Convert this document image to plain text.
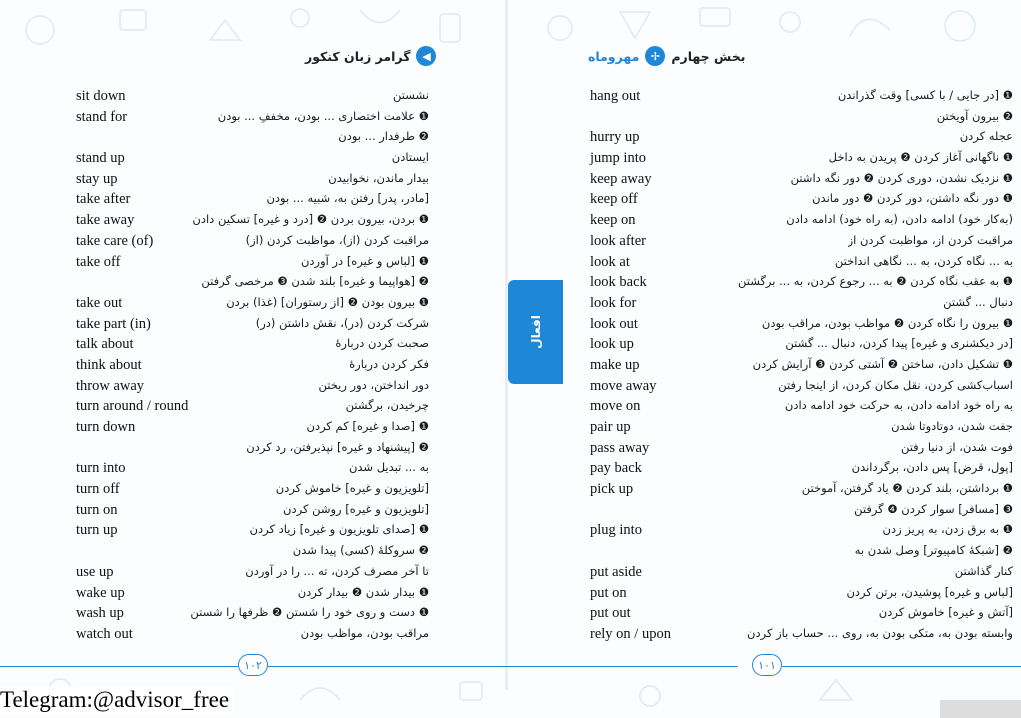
◀
گرامر زبان کنکور
sit down	نشستن
stand for	❶ علامت اختصاری ... بودن، مخففِ ... بودن
❷ طرفدار ... بودن
stand up	ایستادن
stay up	بیدار ماندن، نخوابیدن
take after	[مادر، پدر] رفتن به، شبیه ... بودن
take away	❶ بردن، بیرون بردن ❷ [درد و غیره] تسکین دادن
take care (of)	مراقبت کردن (از)، مواظبت کردن (از)
take off	❶ [لباس و غیره] در آوردن
❷ [هواپیما و غیره] بلند شدن ❸ مرخصی گرفتن
take out	❶ بیرون بودن ❷ [از رستوران] (غذا) بردن
take part (in)	شرکت کردن (در)، نقش داشتن (در)
talk about	صحبت کردن دربارهٔ
think about	فکر کردن دربارهٔ
throw away	دور انداختن، دور ریختن
turn around / round	چرخیدن، برگشتن
turn down	❶ [صدا و غیره] کم کردن
❷ [پیشنهاد و غیره] نپذیرفتن، رد کردن
turn into	به ... تبدیل شدن
turn off	[تلویزیون و غیره] خاموش کردن
turn on	[تلویزیون و غیره] روشن کردن
turn up	❶ [صدای تلویزیون و غیره] زیاد کردن
❷ سروکلهٔ (کسی) پیدا شدن
use up	تا آخر مصرف کردن، ته ... را در آوردن
wake up	❶ بیدار شدن ❷ بیدار کردن
wash up	❶ دست و روی خود را شستن ❷ ظرفها را شستن
watch out	مراقب بودن، مواظب بودن
بخش چهارم
✢
مهروماه
hang out	❶ [در جایی / با کسی] وقت گذراندن
❷ بیرون آویختن
hurry up	عجله کردن
jump into	❶ ناگهانی آغاز کردن ❷ پریدن به داخل
keep away	❶ نزدیک نشدن، دوری کردن ❷ دور نگه داشتن
keep off	❶ دور نگه داشتن، دور کردن ❷ دور ماندن
keep on	(به‌کار خود) ادامه دادن، (به راه خود) ادامه دادن
look after	مراقبت کردن از، مواظبت کردن از
look at	به ... نگاه کردن، به ... نگاهی انداختن
look back	❶ به عقب نگاه کردن ❷ به ... رجوع کردن، به ... برگشتن
look for	دنبال ... گشتن
look out	❶ بیرون را نگاه کردن ❷ مواظب بودن، مراقب بودن
look up	[در دیکشنری و غیره] پیدا کردن، دنبال ... گشتن
make up	❶ تشکیل دادن، ساختن ❷ آشتی کردن ❸ آرایش کردن
move away	اسباب‌کشی کردن، نقل مکان کردن، از اینجا رفتن
move on	به راه خود ادامه دادن، به حرکت خود ادامه دادن
pair up	جفت شدن، دوتادوتا شدن
pass away	فوت شدن، از دنیا رفتن
pay back	[پول، قرض] پس دادن، برگرداندن
pick up	❶ برداشتن، بلند کردن ❷ یاد گرفتن، آموختن
❸ [مسافر] سوار کردن ❹ گرفتن
plug into	❶ به برق زدن، به پریز زدن
❷ [شبکهٔ کامپیوتر] وصل شدن به
put aside	کنار گذاشتن
put on	[لباس و غیره] پوشیدن، برتن کردن
put out	[آتش و غیره] خاموش کردن
rely on / upon	وابسته بودن به، متکی بودن به، روی ... حساب باز کردن
افعال
۱۰۲	۱۰۱
Telegram:@advisor_free
